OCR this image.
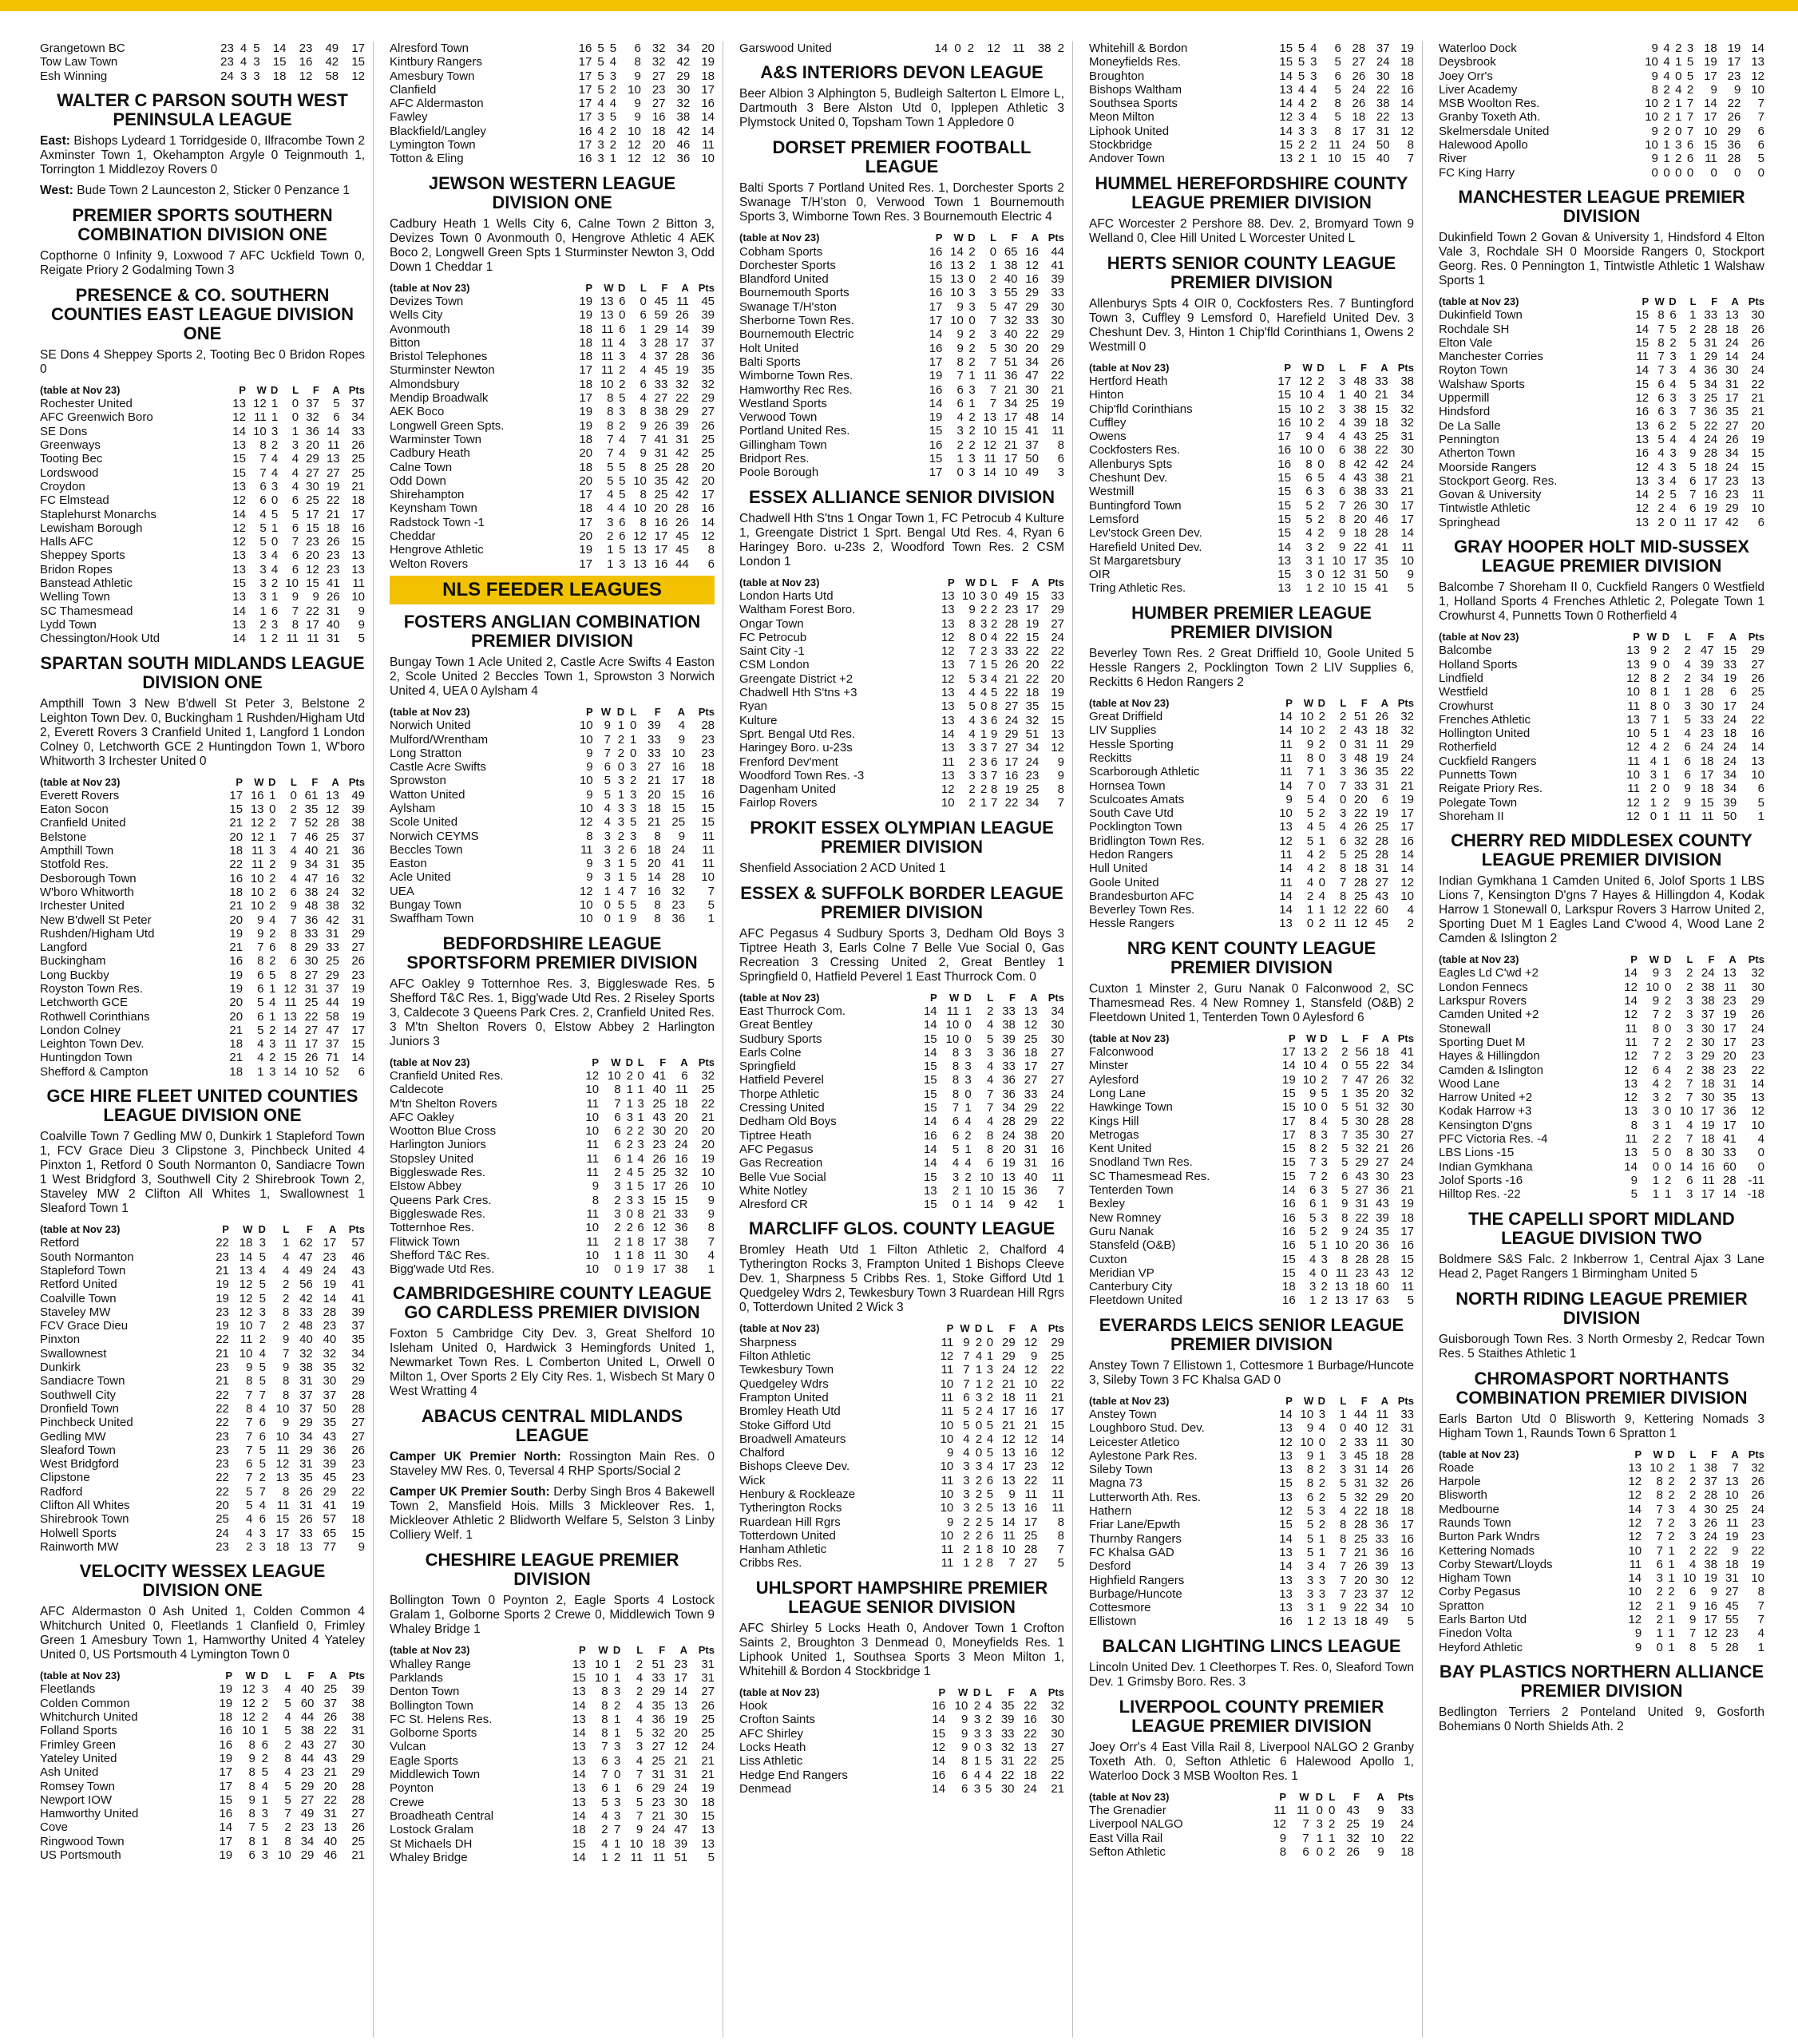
Grangetown BC	23	4	5	14	23	49	17
Tow Law Town	23	4	3	15	16	42	15
Esh Winning	24	3	3	18	12	58	12
WALTER C PARSON SOUTH WEST PENINSULA LEAGUE

East: Bishops Lydeard 1 Torridgeside 0, Ilfracombe Town 2 Axminster Town 1, Okehampton Argyle 0 Teignmouth 1, Torrington 1 Middlezoy Rovers 0

West: Bude Town 2 Launceston 2, Sticker 0 Penzance 1

PREMIER SPORTS SOUTHERN COMBINATION DIVISION ONE

Copthorne 0 Infinity 9, Loxwood 7 AFC Uckfield Town 0, Reigate Priory 2 Godalming Town 3

PRESENCE & CO. SOUTHERN COUNTIES EAST LEAGUE DIVISION ONE

SE Dons 4 Sheppey Sports 2, Tooting Bec 0 Bridon Ropes 0

(table at Nov 23)	P	W	D	L	F	A	Pts
Rochester United	13	12	1	0	37	5	37
AFC Greenwich Boro	12	11	1	0	32	6	34
SE Dons	14	10	3	1	36	14	33
Greenways	13	8	2	3	20	11	26
Tooting Bec	15	7	4	4	29	13	25
Lordswood	15	7	4	4	27	27	25
Croydon	13	6	3	4	30	19	21
FC Elmstead	12	6	0	6	25	22	18
Staplehurst Monarchs	14	4	5	5	17	21	17
Lewisham Borough	12	5	1	6	15	18	16
Halls AFC	12	5	0	7	23	26	15
Sheppey Sports	13	3	4	6	20	23	13
Bridon Ropes	13	3	4	6	12	23	13
Banstead Athletic	15	3	2	10	15	41	11
Welling Town	13	3	1	9	9	26	10
SC Thamesmead	14	1	6	7	22	31	9
Lydd Town	13	2	3	8	17	40	9
Chessington/Hook Utd	14	1	2	11	11	31	5
SPARTAN SOUTH MIDLANDS LEAGUE DIVISION ONE

Ampthill Town 3 New B'dwell St Peter 3, Belstone 2 Leighton Town Dev. 0, Buckingham 1 Rushden/Higham Utd 2, Everett Rovers 3 Cranfield United 1, Langford 1 London Colney 0, Letchworth GCE 2 Huntingdon Town 1, W'boro Whitworth 3 Irchester United 0

(table at Nov 23)	P	W	D	L	F	A	Pts
Everett Rovers	17	16	1	0	61	13	49
Eaton Socon	15	13	0	2	35	12	39
Cranfield United	21	12	2	7	52	28	38
Belstone	20	12	1	7	46	25	37
Ampthill Town	18	11	3	4	40	21	36
Stotfold Res.	22	11	2	9	34	31	35
Desborough Town	16	10	2	4	47	16	32
W'boro Whitworth	18	10	2	6	38	24	32
Irchester United	21	10	2	9	48	38	32
New B'dwell St Peter	20	9	4	7	36	42	31
Rushden/Higham Utd	19	9	2	8	33	31	29
Langford	21	7	6	8	29	33	27
Buckingham	16	8	2	6	30	25	26
Long Buckby	19	6	5	8	27	29	23
Royston Town Res.	19	6	1	12	31	37	19
Letchworth GCE	20	5	4	11	25	44	19
Rothwell Corinthians	20	6	1	13	22	58	19
London Colney	21	5	2	14	27	47	17
Leighton Town Dev.	18	4	3	11	17	37	15
Huntingdon Town	21	4	2	15	26	71	14
Shefford & Campton	18	1	3	14	10	52	6
GCE HIRE FLEET UNITED COUNTIES LEAGUE DIVISION ONE

Coalville Town 7 Gedling MW 0, Dunkirk 1 Stapleford Town 1, FCV Grace Dieu 3 Clipstone 3, Pinchbeck United 4 Pinxton 1, Retford 0 South Normanton 0, Sandiacre Town 1 West Bridgford 3, Southwell City 2 Shirebrook Town 2, Staveley MW 2 Clifton All Whites 1, Swallownest 1 Sleaford Town 1

(table at Nov 23)	P	W	D	L	F	A	Pts
Retford	22	18	3	1	62	17	57
South Normanton	23	14	5	4	47	23	46
Stapleford Town	21	13	4	4	49	24	43
Retford United	19	12	5	2	56	19	41
Coalville Town	19	12	5	2	42	14	41
Staveley MW	23	12	3	8	33	28	39
FCV Grace Dieu	19	10	7	2	48	23	37
Pinxton	22	11	2	9	40	40	35
Swallownest	21	10	4	7	32	32	34
Dunkirk	23	9	5	9	38	35	32
Sandiacre Town	21	8	5	8	31	30	29
Southwell City	22	7	7	8	37	37	28
Dronfield Town	22	8	4	10	37	50	28
Pinchbeck United	22	7	6	9	29	35	27
Gedling MW	23	7	6	10	34	43	27
Sleaford Town	23	7	5	11	29	36	26
West Bridgford	23	6	5	12	31	39	23
Clipstone	22	7	2	13	35	45	23
Radford	22	5	7	8	26	29	22
Clifton All Whites	20	5	4	11	31	41	19
Shirebrook Town	25	4	6	15	26	57	18
Holwell Sports	24	4	3	17	33	65	15
Rainworth MW	23	2	3	18	13	77	9
VELOCITY WESSEX LEAGUE DIVISION ONE

AFC Aldermaston 0 Ash United 1, Colden Common 4 Whitchurch United 0, Fleetlands 1 Clanfield 0, Frimley Green 1 Amesbury Town 1, Hamworthy United 4 Yateley United 0, US Portsmouth 4 Lymington Town 0

(table at Nov 23)	P	W	D	L	F	A	Pts
Fleetlands	19	12	3	4	40	25	39
Colden Common	19	12	2	5	60	37	38
Whitchurch United	18	12	2	4	44	26	38
Folland Sports	16	10	1	5	38	22	31
Frimley Green	16	8	6	2	43	27	30
Yateley United	19	9	2	8	44	43	29
Ash United	17	8	5	4	23	21	29
Romsey Town	17	8	4	5	29	20	28
Newport IOW	15	9	1	5	27	22	28
Hamworthy United	16	8	3	7	49	31	27
Cove	14	7	5	2	23	13	26
Ringwood Town	17	8	1	8	34	40	25
US Portsmouth	19	6	3	10	29	46	21
Alresford Town	16	5	5	6	32	34	20
Kintbury Rangers	17	5	4	8	32	42	19
Amesbury Town	17	5	3	9	27	29	18
Clanfield	17	5	2	10	23	30	17
AFC Aldermaston	17	4	4	9	27	32	16
Fawley	17	3	5	9	16	38	14
Blackfield/Langley	16	4	2	10	18	42	14
Lymington Town	17	3	2	12	20	46	11
Totton & Eling	16	3	1	12	12	36	10
JEWSON WESTERN LEAGUE DIVISION ONE

Cadbury Heath 1 Wells City 6, Calne Town 2 Bitton 3, Devizes Town 0 Avonmouth 0, Hengrove Athletic 4 AEK Boco 2, Longwell Green Spts 1 Sturminster Newton 3, Odd Down 1 Cheddar 1

(table at Nov 23)	P	W	D	L	F	A	Pts
Devizes Town	19	13	6	0	45	11	45
Wells City	19	13	0	6	59	26	39
Avonmouth	18	11	6	1	29	14	39
Bitton	18	11	4	3	28	17	37
Bristol Telephones	18	11	3	4	37	28	36
Sturminster Newton	17	11	2	4	45	19	35
Almondsbury	18	10	2	6	33	32	32
Mendip Broadwalk	17	8	5	4	27	22	29
AEK Boco	19	8	3	8	38	29	27
Longwell Green Spts.	19	8	2	9	26	39	26
Warminster Town	18	7	4	7	41	31	25
Cadbury Heath	20	7	4	9	31	42	25
Calne Town	18	5	5	8	25	28	20
Odd Down	20	5	5	10	35	42	20
Shirehampton	17	4	5	8	25	42	17
Keynsham Town	18	4	4	10	20	28	16
Radstock Town -1	17	3	6	8	16	26	14
Cheddar	20	2	6	12	17	45	12
Hengrove Athletic	19	1	5	13	17	45	8
Welton Rovers	17	1	3	13	16	44	6
NLS FEEDER LEAGUES
FOSTERS ANGLIAN COMBINATION PREMIER DIVISION

Bungay Town 1 Acle United 2, Castle Acre Swifts 4 Easton 2, Scole United 2 Beccles Town 1, Sprowston 3 Norwich United 4, UEA 0 Aylsham 4

(table at Nov 23)	P	W	D	L	F	A	Pts
Norwich United	10	9	1	0	39	4	28
Mulford/Wrentham	10	7	2	1	33	9	23
Long Stratton	9	7	2	0	33	10	23
Castle Acre Swifts	9	6	0	3	27	16	18
Sprowston	10	5	3	2	21	17	18
Watton United	9	5	1	3	20	15	16
Aylsham	10	4	3	3	18	15	15
Scole United	12	4	3	5	21	25	15
Norwich CEYMS	8	3	2	3	8	9	11
Beccles Town	11	3	2	6	18	24	11
Easton	9	3	1	5	20	41	11
Acle United	9	3	1	5	14	28	10
UEA	12	1	4	7	16	32	7
Bungay Town	10	0	5	5	8	23	5
Swaffham Town	10	0	1	9	8	36	1
BEDFORDSHIRE LEAGUE SPORTSFORM PREMIER DIVISION

AFC Oakley 9 Totternhoe Res. 3, Biggleswade Res. 5 Shefford T&C Res. 1, Bigg'wade Utd Res. 2 Riseley Sports 3, Caldecote 3 Queens Park Cres. 2, Cranfield United Res. 3 M'tn Shelton Rovers 0, Elstow Abbey 2 Harlington Juniors 3

(table at Nov 23)	P	W	D	L	F	A	Pts
Cranfield United Res.	12	10	2	0	41	6	32
Caldecote	10	8	1	1	40	11	25
M'tn Shelton Rovers	11	7	1	3	25	18	22
AFC Oakley	10	6	3	1	43	20	21
Wootton Blue Cross	10	6	2	2	30	20	20
Harlington Juniors	11	6	2	3	23	24	20
Stopsley United	11	6	1	4	26	16	19
Biggleswade Res.	11	2	4	5	25	32	10
Elstow Abbey	9	3	1	5	17	26	10
Queens Park Cres.	8	2	3	3	15	15	9
Biggleswade Res.	11	3	0	8	21	33	9
Totternhoe Res.	10	2	2	6	12	36	8
Flitwick Town	11	2	1	8	17	38	7
Shefford T&C Res.	10	1	1	8	11	30	4
Bigg'wade Utd Res.	10	0	1	9	17	38	1
CAMBRIDGESHIRE COUNTY LEAGUE GO CARDLESS PREMIER DIVISION

Foxton 5 Cambridge City Dev. 3, Great Shelford 10 Isleham United 0, Hardwick 3 Hemingfords United 1, Newmarket Town Res. L Comberton United L, Orwell 0 Milton 1, Over Sports 2 Ely City Res. 1, Wisbech St Mary 0 West Wratting 4

ABACUS CENTRAL MIDLANDS LEAGUE

Camper UK Premier North: Rossington Main Res. 0 Staveley MW Res. 0, Teversal 4 RHP Sports/Social 2

Camper UK Premier South: Derby Singh Bros 4 Bakewell Town 2, Mansfield Hois. Mills 3 Mickleover Res. 1, Mickleover Athletic 2 Blidworth Welfare 5, Selston 3 Linby Colliery Welf. 1

CHESHIRE LEAGUE PREMIER DIVISION

Bollington Town 0 Poynton 2, Eagle Sports 4 Lostock Gralam 1, Golborne Sports 2 Crewe 0, Middlewich Town 9 Whaley Bridge 1

(table at Nov 23)	P	W	D	L	F	A	Pts
Whalley Range	13	10	1	2	51	23	31
Parklands	15	10	1	4	33	17	31
Denton Town	13	8	3	2	29	14	27
Bollington Town	14	8	2	4	35	13	26
FC St. Helens Res.	13	8	1	4	36	19	25
Golborne Sports	14	8	1	5	32	20	25
Vulcan	13	7	3	3	27	12	24
Eagle Sports	13	6	3	4	25	21	21
Middlewich Town	14	7	0	7	31	31	21
Poynton	13	6	1	6	29	24	19
Crewe	13	5	3	5	23	30	18
Broadheath Central	14	4	3	7	21	30	15
Lostock Gralam	18	2	7	9	24	47	13
St Michaels DH	15	4	1	10	18	39	13
Whaley Bridge	14	1	2	11	11	51	5
Garswood United	14	0	2	12	11	38	2
A&S INTERIORS DEVON LEAGUE

Beer Albion 3 Alphington 5, Budleigh Salterton L Elmore L, Dartmouth 3 Bere Alston Utd 0, Ipplepen Athletic 3 Plymstock United 0, Topsham Town 1 Appledore 0

DORSET PREMIER FOOTBALL LEAGUE

Balti Sports 7 Portland United Res. 1, Dorchester Sports 2 Swanage T/H'ston 0, Verwood Town 1 Bournemouth Sports 3, Wimborne Town Res. 3 Bournemouth Electric 4

(table at Nov 23)	P	W	D	L	F	A	Pts
Cobham Sports	16	14	2	0	65	16	44
Dorchester Sports	16	13	2	1	38	12	41
Blandford United	15	13	0	2	40	16	39
Bournemouth Sports	16	10	3	3	55	29	33
Swanage T/H'ston	17	9	3	5	47	29	30
Sherborne Town Res.	17	10	0	7	32	33	30
Bournemouth Electric	14	9	2	3	40	22	29
Holt United	16	9	2	5	30	20	29
Balti Sports	17	8	2	7	51	34	26
Wimborne Town Res.	19	7	1	11	36	47	22
Hamworthy Rec Res.	16	6	3	7	21	30	21
Westland Sports	14	6	1	7	34	25	19
Verwood Town	19	4	2	13	17	48	14
Portland United Res.	15	3	2	10	15	41	11
Gillingham Town	16	2	2	12	21	37	8
Bridport Res.	15	1	3	11	17	50	6
Poole Borough	17	0	3	14	10	49	3
ESSEX ALLIANCE SENIOR DIVISION

Chadwell Hth S'tns 1 Ongar Town 1, FC Petrocub 4 Kulture 1, Greengate District 1 Sprt. Bengal Utd Res. 4, Ryan 6 Haringey Boro. u-23s 2, Woodford Town Res. 2 CSM London 1

(table at Nov 23)	P	W	D	L	F	A	Pts
London Harts Utd	13	10	3	0	49	15	33
Waltham Forest Boro.	13	9	2	2	23	17	29
Ongar Town	13	8	3	2	28	19	27
FC Petrocub	12	8	0	4	22	15	24
Saint City -1	12	7	2	3	33	22	22
CSM London	13	7	1	5	26	20	22
Greengate District +2	12	5	3	4	21	22	20
Chadwell Hth S'tns +3	13	4	4	5	22	18	19
Ryan	13	5	0	8	27	35	15
Kulture	13	4	3	6	24	32	15
Sprt. Bengal Utd Res.	14	4	1	9	29	51	13
Haringey Boro. u-23s	13	3	3	7	27	34	12
Frenford Dev'ment	11	2	3	6	17	24	9
Woodford Town Res. -3	13	3	3	7	16	23	9
Dagenham United	12	2	2	8	19	25	8
Fairlop Rovers	10	2	1	7	22	34	7
PROKIT ESSEX OLYMPIAN LEAGUE PREMIER DIVISION

Shenfield Association 2 ACD United 1

ESSEX & SUFFOLK BORDER LEAGUE PREMIER DIVISION

AFC Pegasus 4 Sudbury Sports 3, Dedham Old Boys 3 Tiptree Heath 3, Earls Colne 7 Belle Vue Social 0, Gas Recreation 3 Cressing United 2, Great Bentley 1 Springfield 0, Hatfield Peverel 1 East Thurrock Com. 0

(table at Nov 23)	P	W	D	L	F	A	Pts
East Thurrock Com.	14	11	1	2	33	13	34
Great Bentley	14	10	0	4	38	12	30
Sudbury Sports	15	10	0	5	39	25	30
Earls Colne	14	8	3	3	36	18	27
Springfield	15	8	3	4	33	17	27
Hatfield Peverel	15	8	3	4	36	27	27
Thorpe Athletic	15	8	0	7	36	33	24
Cressing United	15	7	1	7	34	29	22
Dedham Old Boys	14	6	4	4	28	29	22
Tiptree Heath	16	6	2	8	24	38	20
AFC Pegasus	14	5	1	8	20	31	16
Gas Recreation	14	4	4	6	19	31	16
Belle Vue Social	15	3	2	10	13	40	11
White Notley	13	2	1	10	15	36	7
Alresford CR	15	0	1	14	9	42	1
MARCLIFF GLOS. COUNTY LEAGUE

Bromley Heath Utd 1 Filton Athletic 2, Chalford 4 Tytherington Rocks 3, Frampton United 1 Bishops Cleeve Dev. 1, Sharpness 5 Cribbs Res. 1, Stoke Gifford Utd 1 Quedgeley Wdrs 2, Tewkesbury Town 3 Ruardean Hill Rgrs 0, Totterdown United 2 Wick 3

(table at Nov 23)	P	W	D	L	F	A	Pts
Sharpness	11	9	2	0	29	12	29
Filton Athletic	12	7	4	1	29	9	25
Tewkesbury Town	11	7	1	3	24	12	22
Quedgeley Wdrs	10	7	1	2	21	10	22
Frampton United	11	6	3	2	18	11	21
Bromley Heath Utd	11	5	2	4	17	16	17
Stoke Gifford Utd	10	5	0	5	21	21	15
Broadwell Amateurs	10	4	2	4	12	12	14
Chalford	9	4	0	5	13	16	12
Bishops Cleeve Dev.	10	3	3	4	17	23	12
Wick	11	3	2	6	13	22	11
Henbury & Rockleaze	10	3	2	5	9	11	11
Tytherington Rocks	10	3	2	5	13	16	11
Ruardean Hill Rgrs	9	2	2	5	14	17	8
Totterdown United	10	2	2	6	11	25	8
Hanham Athletic	11	2	1	8	10	28	7
Cribbs Res.	11	1	2	8	7	27	5
UHLSPORT HAMPSHIRE PREMIER LEAGUE SENIOR DIVISION

AFC Shirley 5 Locks Heath 0, Andover Town 1 Crofton Saints 2, Broughton 3 Denmead 0, Moneyfields Res. 1 Liphook United 1, Southsea Sports 3 Meon Milton 1, Whitehill & Bordon 4 Stockbridge 1

(table at Nov 23)	P	W	D	L	F	A	Pts
Hook	16	10	2	4	35	22	32
Crofton Saints	14	9	3	2	39	16	30
AFC Shirley	15	9	3	3	33	22	30
Locks Heath	12	9	0	3	32	13	27
Liss Athletic	14	8	1	5	31	22	25
Hedge End Rangers	16	6	4	4	22	18	22
Denmead	14	6	3	5	30	24	21
Whitehill & Bordon	15	5	4	6	28	37	19
Moneyfields Res.	15	5	3	5	27	24	18
Broughton	14	5	3	6	26	30	18
Bishops Waltham	13	4	4	5	24	22	16
Southsea Sports	14	4	2	8	26	38	14
Meon Milton	12	3	4	5	18	22	13
Liphook United	14	3	3	8	17	31	12
Stockbridge	15	2	2	11	24	50	8
Andover Town	13	2	1	10	15	40	7
HUMMEL HEREFORDSHIRE COUNTY LEAGUE PREMIER DIVISION

AFC Worcester 2 Pershore 88. Dev. 2, Bromyard Town 9 Welland 0, Clee Hill United L Worcester United L

HERTS SENIOR COUNTY LEAGUE PREMIER DIVISION

Allenburys Spts 4 OIR 0, Cockfosters Res. 7 Buntingford Town 3, Cuffley 9 Lemsford 0, Harefield United Dev. 3 Cheshunt Dev. 3, Hinton 1 Chip'fld Corinthians 1, Owens 2 Westmill 0

(table at Nov 23)	P	W	D	L	F	A	Pts
Hertford Heath	17	12	2	3	48	33	38
Hinton	15	10	4	1	40	21	34
Chip'fld Corinthians	15	10	2	3	38	15	32
Cuffley	16	10	2	4	39	18	32
Owens	17	9	4	4	43	25	31
Cockfosters Res.	16	10	0	6	38	22	30
Allenburys Spts	16	8	0	8	42	42	24
Cheshunt Dev.	15	6	5	4	43	38	21
Westmill	15	6	3	6	38	33	21
Buntingford Town	15	5	2	7	26	30	17
Lemsford	15	5	2	8	20	46	17
Lev'stock Green Dev.	15	4	2	9	18	28	14
Harefield United Dev.	14	3	2	9	22	41	11
St Margaretsbury	13	3	1	10	17	35	10
OIR	15	3	0	12	31	50	9
Tring Athletic Res.	13	1	2	10	15	41	5
HUMBER PREMIER LEAGUE PREMIER DIVISION

Beverley Town Res. 2 Great Driffield 10, Goole United 5 Hessle Rangers 2, Pocklington Town 2 LIV Supplies 6, Reckitts 6 Hedon Rangers 2

(table at Nov 23)	P	W	D	L	F	A	Pts
Great Driffield	14	10	2	2	51	26	32
LIV Supplies	14	10	2	2	43	18	32
Hessle Sporting	11	9	2	0	31	11	29
Reckitts	11	8	0	3	48	19	24
Scarborough Athletic	11	7	1	3	36	35	22
Hornsea Town	14	7	0	7	33	31	21
Sculcoates Amats	9	5	4	0	20	6	19
South Cave Utd	10	5	2	3	22	19	17
Pocklington Town	13	4	5	4	26	25	17
Bridlington Town Res.	12	5	1	6	32	28	16
Hedon Rangers	11	4	2	5	25	28	14
Hull United	14	4	2	8	18	31	14
Goole United	11	4	0	7	28	27	12
Brandesburton AFC	14	2	4	8	25	43	10
Beverley Town Res.	14	1	1	12	22	60	4
Hessle Rangers	13	0	2	11	12	45	2
NRG KENT COUNTY LEAGUE PREMIER DIVISION

Cuxton 1 Minster 2, Guru Nanak 0 Falconwood 2, SC Thamesmead Res. 4 New Romney 1, Stansfeld (O&B) 2 Fleetdown United 1, Tenterden Town 0 Aylesford 6

(table at Nov 23)	P	W	D	L	F	A	Pts
Falconwood	17	13	2	2	56	18	41
Minster	14	10	4	0	55	22	34
Aylesford	19	10	2	7	47	26	32
Long Lane	15	9	5	1	35	20	32
Hawkinge Town	15	10	0	5	51	32	30
Kings Hill	17	8	4	5	30	28	28
Metrogas	17	8	3	7	35	30	27
Kent United	15	8	2	5	32	21	26
Snodland Twn Res.	15	7	3	5	29	27	24
SC Thamesmead Res.	15	7	2	6	43	30	23
Tenterden Town	14	6	3	5	27	36	21
Bexley	16	6	1	9	31	43	19
New Romney	16	5	3	8	22	39	18
Guru Nanak	16	5	2	9	24	35	17
Stansfeld (O&B)	16	5	1	10	20	36	16
Cuxton	15	4	3	8	28	28	15
Meridian VP	15	4	0	11	23	43	12
Canterbury City	18	3	2	13	18	60	11
Fleetdown United	16	1	2	13	17	63	5
EVERARDS LEICS SENIOR LEAGUE PREMIER DIVISION

Anstey Town 7 Ellistown 1, Cottesmore 1 Burbage/Huncote 3, Sileby Town 3 FC Khalsa GAD 0

(table at Nov 23)	P	W	D	L	F	A	Pts
Anstey Town	14	10	3	1	44	11	33
Loughboro Stud. Dev.	13	9	4	0	40	12	31
Leicester Atletico	12	10	0	2	33	11	30
Aylestone Park Res.	13	9	1	3	45	18	28
Sileby Town	13	8	2	3	31	14	26
Magna 73	15	8	2	5	31	32	26
Lutterworth Ath. Res.	13	6	2	5	32	29	20
Hathern	12	5	3	4	22	18	18
Friar Lane/Epwth	15	5	2	8	28	36	17
Thurnby Rangers	14	5	1	8	25	33	16
FC Khalsa GAD	13	5	1	7	21	36	16
Desford	14	3	4	7	26	39	13
Highfield Rangers	13	3	3	7	20	30	12
Burbage/Huncote	13	3	3	7	23	37	12
Cottesmore	13	3	1	9	22	34	10
Ellistown	16	1	2	13	18	49	5
BALCAN LIGHTING LINCS LEAGUE

Lincoln United Dev. 1 Cleethorpes T. Res. 0, Sleaford Town Dev. 1 Grimsby Boro. Res. 3

LIVERPOOL COUNTY PREMIER LEAGUE PREMIER DIVISION

Joey Orr's 4 East Villa Rail 8, Liverpool NALGO 2 Granby Toxeth Ath. 0, Sefton Athletic 6 Halewood Apollo 1, Waterloo Dock 3 MSB Woolton Res. 1

(table at Nov 23)	P	W	D	L	F	A	Pts
The Grenadier	11	11	0	0	43	9	33
Liverpool NALGO	12	7	3	2	25	19	24
East Villa Rail	9	7	1	1	32	10	22
Sefton Athletic	8	6	0	2	26	9	18
Waterloo Dock	9	4	2	3	18	19	14
Deysbrook	10	4	1	5	19	17	13
Joey Orr's	9	4	0	5	17	23	12
Liver Academy	8	2	4	2	9	9	10
MSB Woolton Res.	10	2	1	7	14	22	7
Granby Toxeth Ath.	10	2	1	7	17	26	7
Skelmersdale United	9	2	0	7	10	29	6
Halewood Apollo	10	1	3	6	15	36	6
River	9	1	2	6	11	28	5
FC King Harry	0	0	0	0	0	0	0
MANCHESTER LEAGUE PREMIER DIVISION

Dukinfield Town 2 Govan & University 1, Hindsford 4 Elton Vale 3, Rochdale SH 0 Moorside Rangers 0, Stockport Georg. Res. 0 Pennington 1, Tintwistle Athletic 1 Walshaw Sports 1

(table at Nov 23)	P	W	D	L	F	A	Pts
Dukinfield Town	15	8	6	1	33	13	30
Rochdale SH	14	7	5	2	28	18	26
Elton Vale	15	8	2	5	31	24	26
Manchester Corries	11	7	3	1	29	14	24
Royton Town	14	7	3	4	36	30	24
Walshaw Sports	15	6	4	5	34	31	22
Uppermill	12	6	3	3	25	17	21
Hindsford	16	6	3	7	36	35	21
De La Salle	13	6	2	5	22	27	20
Pennington	13	5	4	4	24	26	19
Atherton Town	16	4	3	9	28	34	15
Moorside Rangers	12	4	3	5	18	24	15
Stockport Georg. Res.	13	3	4	6	17	23	13
Govan & University	14	2	5	7	16	23	11
Tintwistle Athletic	12	2	4	6	19	29	10
Springhead	13	2	0	11	17	42	6
GRAY HOOPER HOLT MID-SUSSEX LEAGUE PREMIER DIVISION

Balcombe 7 Shoreham II 0, Cuckfield Rangers 0 Westfield 1, Holland Sports 4 Frenches Athletic 2, Polegate Town 1 Crowhurst 4, Punnetts Town 0 Rotherfield 4

(table at Nov 23)	P	W	D	L	F	A	Pts
Balcombe	13	9	2	2	47	15	29
Holland Sports	13	9	0	4	39	33	27
Lindfield	12	8	2	2	34	19	26
Westfield	10	8	1	1	28	6	25
Crowhurst	11	8	0	3	30	17	24
Frenches Athletic	13	7	1	5	33	24	22
Hollington United	10	5	1	4	23	18	16
Rotherfield	12	4	2	6	24	24	14
Cuckfield Rangers	11	4	1	6	18	24	13
Punnetts Town	10	3	1	6	17	34	10
Reigate Priory Res.	11	2	0	9	18	34	6
Polegate Town	12	1	2	9	15	39	5
Shoreham II	12	0	1	11	11	50	1
CHERRY RED MIDDLESEX COUNTY LEAGUE PREMIER DIVISION

Indian Gymkhana 1 Camden United 6, Jolof Sports 1 LBS Lions 7, Kensington D'gns 7 Hayes & Hillingdon 4, Kodak Harrow 1 Stonewall 0, Larkspur Rovers 3 Harrow United 2, Sporting Duet M 1 Eagles Land C'wood 4, Wood Lane 2 Camden & Islington 2

(table at Nov 23)	P	W	D	L	F	A	Pts
Eagles Ld C'wd +2	14	9	3	2	24	13	32
London Fennecs	12	10	0	2	38	11	30
Larkspur Rovers	14	9	2	3	38	23	29
Camden United +2	12	7	2	3	37	19	26
Stonewall	11	8	0	3	30	17	24
Sporting Duet M	11	7	2	2	30	17	23
Hayes & Hillingdon	12	7	2	3	29	20	23
Camden & Islington	12	6	4	2	38	23	22
Wood Lane	13	4	2	7	18	31	14
Harrow United +2	12	3	2	7	30	35	13
Kodak Harrow +3	13	3	0	10	17	36	12
Kensington D'gns	8	3	1	4	19	17	10
PFC Victoria Res. -4	11	2	2	7	18	41	4
LBS Lions -15	13	5	0	8	30	33	0
Indian Gymkhana	14	0	0	14	16	60	0
Jolof Sports -16	9	1	2	6	11	28	-11
Hilltop Res. -22	5	1	1	3	17	14	-18
THE CAPELLI SPORT MIDLAND LEAGUE DIVISION TWO

Boldmere S&S Falc. 2 Inkberrow 1, Central Ajax 3 Lane Head 2, Paget Rangers 1 Birmingham United 5

NORTH RIDING LEAGUE PREMIER DIVISION

Guisborough Town Res. 3 North Ormesby 2, Redcar Town Res. 5 Staithes Athletic 1

CHROMASPORT NORTHANTS COMBINATION PREMIER DIVISION

Earls Barton Utd 0 Blisworth 9, Kettering Nomads 3 Higham Town 1, Raunds Town 6 Spratton 1

(table at Nov 23)	P	W	D	L	F	A	Pts
Roade	13	10	2	1	38	7	32
Harpole	12	8	2	2	37	13	26
Blisworth	12	8	2	2	28	10	26
Medbourne	14	7	3	4	30	25	24
Raunds Town	12	7	2	3	26	11	23
Burton Park Wndrs	12	7	2	3	24	19	23
Kettering Nomads	10	7	1	2	22	9	22
Corby Stewart/Lloyds	11	6	1	4	38	18	19
Higham Town	14	3	1	10	19	31	10
Corby Pegasus	10	2	2	6	9	27	8
Spratton	12	2	1	9	16	45	7
Earls Barton Utd	12	2	1	9	17	55	7
Finedon Volta	9	1	1	7	12	23	4
Heyford Athletic	9	0	1	8	5	28	1
BAY PLASTICS NORTHERN ALLIANCE PREMIER DIVISION

Bedlington Terriers 2 Ponteland United 9, Gosforth Bohemians 0 North Shields Ath. 2
